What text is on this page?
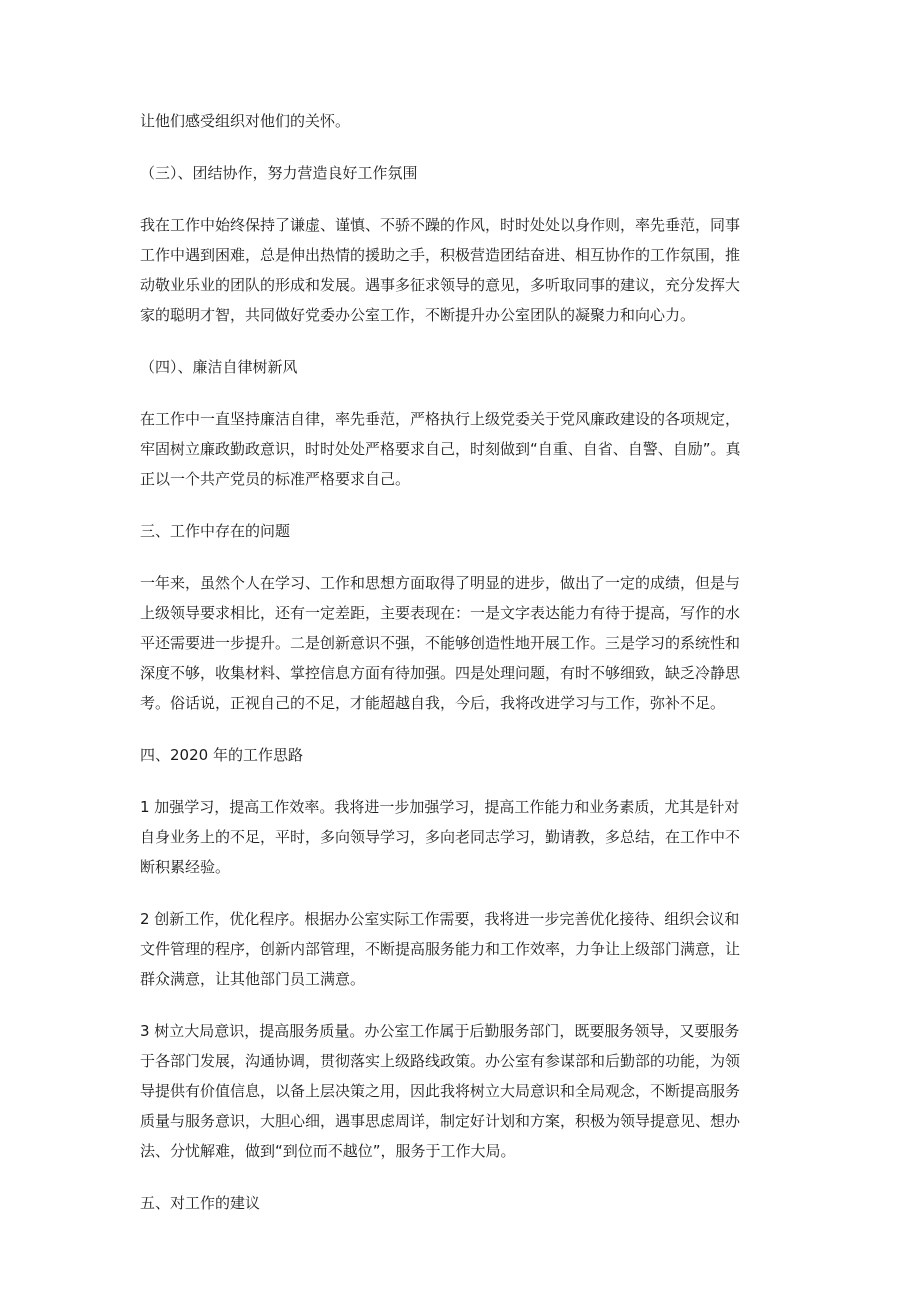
让他们感受组织对他们的关怀。
（三）、团结协作，努力营造良好工作氛围
我在工作中始终保持了谦虚、谨慎、不骄不躁的作风，时时处处以身作则，率先垂范，同事
工作中遇到困难，总是伸出热情的援助之手，积极营造团结奋进、相互协作的工作氛围，推
动敬业乐业的团队的形成和发展。遇事多征求领导的意见，多听取同事的建议，充分发挥大
家的聪明才智，共同做好党委办公室工作，不断提升办公室团队的凝聚力和向心力。
（四）、廉洁自律树新风
在工作中一直坚持廉洁自律，率先垂范，严格执行上级党委关于党风廉政建设的各项规定，
牢固树立廉政勤政意识，时时处处严格要求自己，时刻做到“自重、自省、自警、自励”。真
正以一个共产党员的标准严格要求自己。
三、工作中存在的问题
一年来，虽然个人在学习、工作和思想方面取得了明显的进步，做出了一定的成绩，但是与
上级领导要求相比，还有一定差距，主要表现在：一是文字表达能力有待于提高，写作的水
平还需要进一步提升。二是创新意识不强，不能够创造性地开展工作。三是学习的系统性和
深度不够，收集材料、掌控信息方面有待加强。四是处理问题，有时不够细致，缺乏冷静思
考。俗话说，正视自己的不足，才能超越自我，今后，我将改进学习与工作，弥补不足。
四、2020 年的工作思路
1 加强学习，提高工作效率。我将进一步加强学习，提高工作能力和业务素质，尤其是针对
自身业务上的不足，平时，多向领导学习，多向老同志学习，勤请教，多总结，在工作中不
断积累经验。
2 创新工作，优化程序。根据办公室实际工作需要，我将进一步完善优化接待、组织会议和
文件管理的程序，创新内部管理，不断提高服务能力和工作效率，力争让上级部门满意，让
群众满意，让其他部门员工满意。
3 树立大局意识，提高服务质量。办公室工作属于后勤服务部门，既要服务领导，又要服务
于各部门发展，沟通协调，贯彻落实上级路线政策。办公室有参谋部和后勤部的功能，为领
导提供有价值信息，以备上层决策之用，因此我将树立大局意识和全局观念，不断提高服务
质量与服务意识，大胆心细，遇事思虑周详，制定好计划和方案，积极为领导提意见、想办
法、分忧解难，做到“到位而不越位”，服务于工作大局。
五、对工作的建议
